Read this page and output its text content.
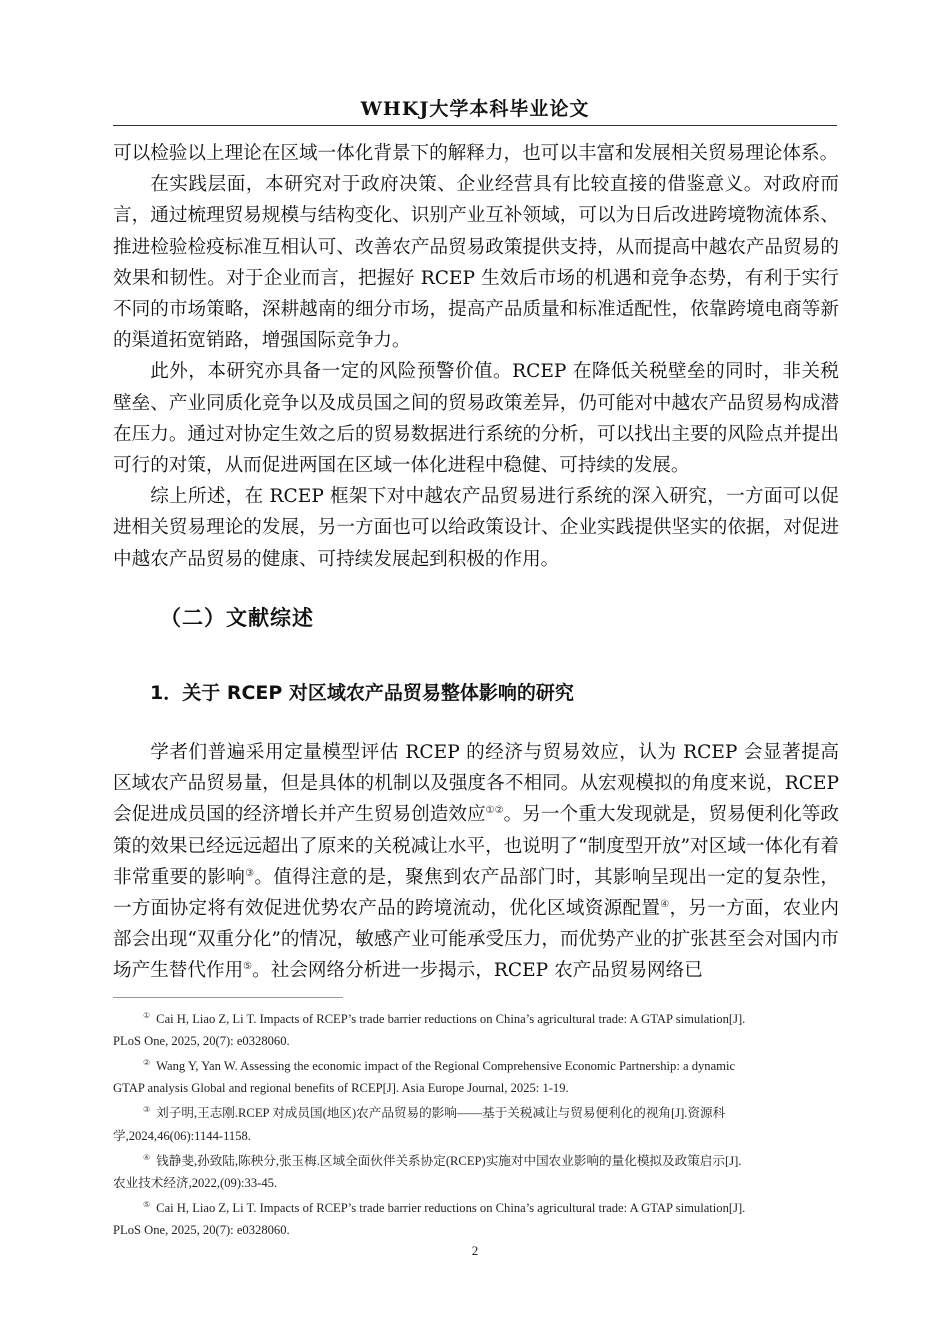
WHKJ大学本科毕业论文

可以检验以上理论在区域一体化背景下的解释力，也可以丰富和发展相关贸易理论体系。

在实践层面，本研究对于政府决策、企业经营具有比较直接的借鉴意义。对政府而言，通过梳理贸易规模与结构变化、识别产业互补领域，可以为日后改进跨境物流体系、推进检验检疫标准互相认可、改善农产品贸易政策提供支持，从而提高中越农产品贸易的效果和韧性。对于企业而言，把握好 RCEP 生效后市场的机遇和竞争态势，有利于实行不同的市场策略，深耕越南的细分市场，提高产品质量和标准适配性，依靠跨境电商等新的渠道拓宽销路，增强国际竞争力。

此外，本研究亦具备一定的风险预警价值。RCEP 在降低关税壁垒的同时，非关税壁垒、产业同质化竞争以及成员国之间的贸易政策差异，仍可能对中越农产品贸易构成潜在压力。通过对协定生效之后的贸易数据进行系统的分析，可以找出主要的风险点并提出可行的对策，从而促进两国在区域一体化进程中稳健、可持续的发展。

综上所述，在 RCEP 框架下对中越农产品贸易进行系统的深入研究，一方面可以促进相关贸易理论的发展，另一方面也可以给政策设计、企业实践提供坚实的依据，对促进中越农产品贸易的健康、可持续发展起到积极的作用。

（二）文献综述
1．关于 RCEP 对区域农产品贸易整体影响的研究

学者们普遍采用定量模型评估 RCEP 的经济与贸易效应，认为 RCEP 会显著提高区域农产品贸易量，但是具体的机制以及强度各不相同。从宏观模拟的角度来说，RCEP 会促进成员国的经济增长并产生贸易创造效应①②。另一个重大发现就是，贸易便利化等政策的效果已经远远超出了原来的关税减让水平，也说明了“制度型开放”对区域一体化有着非常重要的影响③。值得注意的是，聚焦到农产品部门时，其影响呈现出一定的复杂性，一方面协定将有效促进优势农产品的跨境流动，优化区域资源配置④，另一方面，农业内部会出现“双重分化”的情况，敏感产业可能承受压力，而优势产业的扩张甚至会对国内市场产生替代作用⑤。社会网络分析进一步揭示，RCEP 农产品贸易网络已

① Cai H, Liao Z, Li T. Impacts of RCEP’s trade barrier reductions on China’s agricultural trade: A GTAP simulation[J].
PLoS One, 2025, 20(7): e0328060.
② Wang Y, Yan W. Assessing the economic impact of the Regional Comprehensive Economic Partnership: a dynamic
GTAP analysis Global and regional benefits of RCEP[J]. Asia Europe Journal, 2025: 1-19.
③ 刘子明,王志刚.RCEP 对成员国(地区)农产品贸易的影响——基于关税减让与贸易便利化的视角[J].资源科
学,2024,46(06):1144-1158.
④ 钱静斐,孙致陆,陈秧分,张玉梅.区域全面伙伴关系协定(RCEP)实施对中国农业影响的量化模拟及政策启示[J].
农业技术经济,2022,(09):33-45.
⑤ Cai H, Liao Z, Li T. Impacts of RCEP’s trade barrier reductions on China’s agricultural trade: A GTAP simulation[J].
PLoS One, 2025, 20(7): e0328060.
2
